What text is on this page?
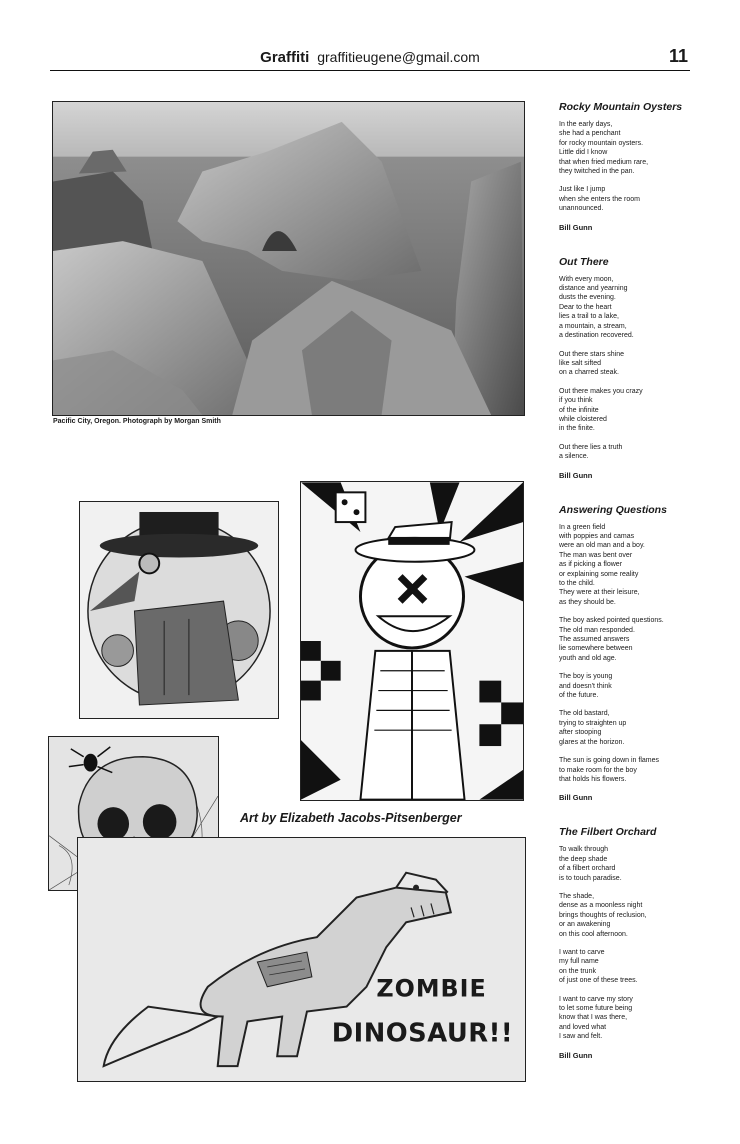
Graffiti graffitieugene@gmail.com	11
Pacific City, Oregon. Photograph by Morgan Smith
Art by Elizabeth Jacobs-Pitsenberger
ZOMBIE
DINOSAUR!!
Rocky Mountain Oysters
In the early days,
she had a penchant
for rocky mountain oysters.
Little did I know
that when fried medium rare,
they twitched in the pan.
Just like I jump
when she enters the room
unannounced.
Bill Gunn
Out There
With every moon,
distance and yearning
dusts the evening.
Dear to the heart
lies a trail to a lake,
a mountain, a stream,
a destination recovered.
Out there stars shine
like salt sifted
on a charred steak.
Out there makes you crazy
if you think
of the infinite
while cloistered
in the finite.
Out there lies a truth
a silence.
Bill Gunn
Answering Questions
In a green field
with poppies and camas
were an old man and a boy.
The man was bent over
as if picking a flower
or explaining some reality
to the child.
They were at their leisure,
as they should be.
The boy asked pointed questions.
The old man responded.
The assumed answers
lie somewhere between
youth and old age.
The boy is young
and doesn't think
of the future.
The old bastard,
trying to straighten up
after stooping
glares at the horizon.
The sun is going down in flames
to make room for the boy
that holds his flowers.
Bill Gunn
The Filbert Orchard
To walk through
the deep shade
of a filbert orchard
is to touch paradise.
The shade,
dense as a moonless night
brings thoughts of reclusion,
or an awakening
on this cool afternoon.
I want to carve
my full name
on the trunk
of just one of these trees.
I want to carve my story
to let some future being
know that I was there,
and loved what
I saw and felt.
Bill Gunn
